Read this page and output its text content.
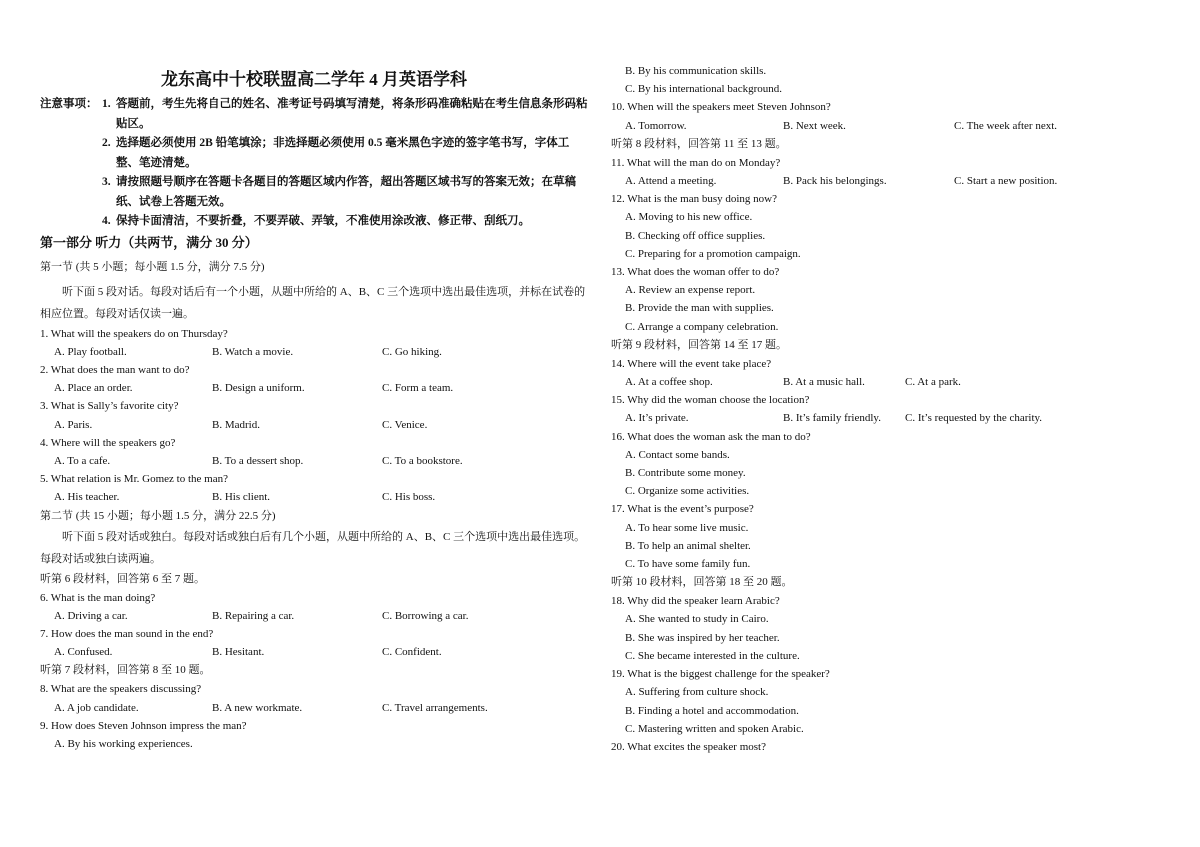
龙东高中十校联盟高二学年 4 月英语学科
注意事项： 1. 答题前，考生先将自己的姓名、准考证号码填写清楚，将条形码准确粘贴在考生信息条形码粘贴区。
2. 选择题必须使用 2B 铅笔填涂；非选择题必须使用 0.5 毫米黑色字迹的签字笔书写，字体工整、笔迹清楚。
3. 请按照题号顺序在答题卡各题目的答题区域内作答，超出答题区域书写的答案无效；在草稿纸、试卷上答题无效。
4. 保持卡面清洁，不要折叠，不要弄破、弄皱，不准使用涂改液、修正带、刮纸刀。
第一部分 听力（共两节，满分 30 分）
第一节 (共 5 小题；每小题 1.5 分，满分 7.5 分)
听下面 5 段对话。每段对话后有一个小题，从题中所给的 A、B、C 三个选项中选出最佳选项，并标在试卷的相应位置。每段对话仅读一遍。
1. What will the speakers do on Thursday?
A. Play football.	B. Watch a movie.	C. Go hiking.
2. What does the man want to do?
A. Place an order.	B. Design a uniform.	C. Form a team.
3. What is Sally’s favorite city?
A. Paris.	B. Madrid.	C. Venice.
4. Where will the speakers go?
A. To a cafe.	B. To a dessert shop.	C. To a bookstore.
5. What relation is Mr. Gomez to the man?
A. His teacher.	B. His client.	C. His boss.
第二节 (共 15 小题；每小题 1.5 分，满分 22.5 分)
听下面 5 段对话或独白。每段对话或独白后有几个小题，从题中所给的 A、B、C 三个选项中选出最佳选项。每段对话或独白读两遍。
听第 6 段材料，回答第 6 至 7 题。
6. What is the man doing?
A. Driving a car.	B. Repairing a car.	C. Borrowing a car.
7. How does the man sound in the end?
A. Confused.	B. Hesitant.	C. Confident.
听第 7 段材料，回答第 8 至 10 题。
8. What are the speakers discussing?
A. A job candidate.	B. A new workmate.	C. Travel arrangements.
9. How does Steven Johnson impress the man?
A. By his working experiences.
B. By his communication skills.
C. By his international background.
10. When will the speakers meet Steven Johnson?
A. Tomorrow.	B. Next week.	C. The week after next.
听第 8 段材料，回答第 11 至 13 题。
11. What will the man do on Monday?
A. Attend a meeting.	B. Pack his belongings.	C. Start a new position.
12. What is the man busy doing now?
A. Moving to his new office.
B. Checking off office supplies.
C. Preparing for a promotion campaign.
13. What does the woman offer to do?
A. Review an expense report.
B. Provide the man with supplies.
C. Arrange a company celebration.
听第 9 段材料，回答第 14 至 17 题。
14. Where will the event take place?
A. At a coffee shop.	B. At a music hall.	C. At a park.
15. Why did the woman choose the location?
A. It’s private.	B. It’s family friendly.	C. It’s requested by the charity.
16. What does the woman ask the man to do?
A. Contact some bands.
B. Contribute some money.
C. Organize some activities.
17. What is the event’s purpose?
A. To hear some live music.
B. To help an animal shelter.
C. To have some family fun.
听第 10 段材料，回答第 18 至 20 题。
18. Why did the speaker learn Arabic?
A. She wanted to study in Cairo.
B. She was inspired by her teacher.
C. She became interested in the culture.
19. What is the biggest challenge for the speaker?
A. Suffering from culture shock.
B. Finding a hotel and accommodation.
C. Mastering written and spoken Arabic.
20. What excites the speaker most?
